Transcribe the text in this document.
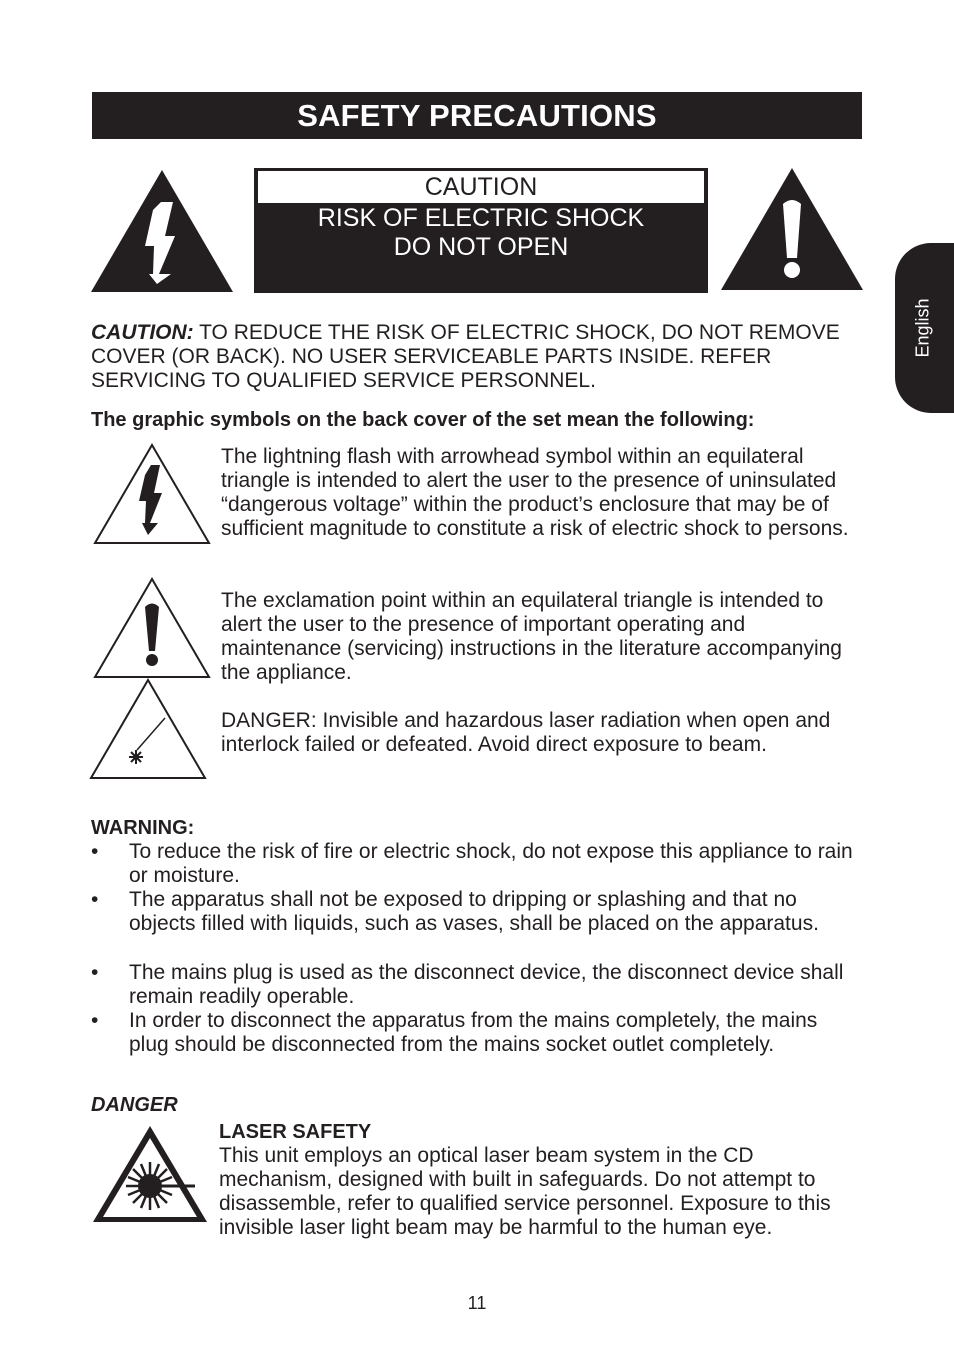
SAFETY PRECAUTIONS
English
CAUTION
RISK OF ELECTRIC SHOCK
DO NOT OPEN
CAUTION: TO REDUCE THE RISK OF ELECTRIC SHOCK, DO NOT REMOVE COVER (OR BACK). NO USER SERVICEABLE PARTS INSIDE. REFER SERVICING TO QUALIFIED SERVICE PERSONNEL.
The graphic symbols on the back cover of the set mean the following:
The lightning flash with arrowhead symbol within an equilateral triangle is intended to alert the user to the presence of uninsulated “dangerous voltage” within the product’s enclosure that may be of sufficient magnitude to constitute a risk of electric shock to persons.
The exclamation point within an equilateral triangle is intended to alert the user to the presence of important operating and maintenance (servicing) instructions in the literature accompanying the appliance.
DANGER: Invisible and hazardous laser radiation when open and interlock failed or defeated. Avoid direct exposure to beam.
WARNING:
• To reduce the risk of fire or electric shock, do not expose this appliance to rain or moisture.
• The apparatus shall not be exposed to dripping or splashing and that no objects filled with liquids, such as vases, shall be placed on the apparatus.
• The mains plug is used as the disconnect device, the disconnect device shall remain readily operable.
• In order to disconnect the apparatus from the mains completely, the mains plug should be disconnected from the mains socket outlet completely.
DANGER
LASER SAFETY
This unit employs an optical laser beam system in the CD mechanism, designed with built in safeguards. Do not attempt to disassemble, refer to qualified service personnel. Exposure to this invisible laser light beam may be harmful to the human eye.
11
